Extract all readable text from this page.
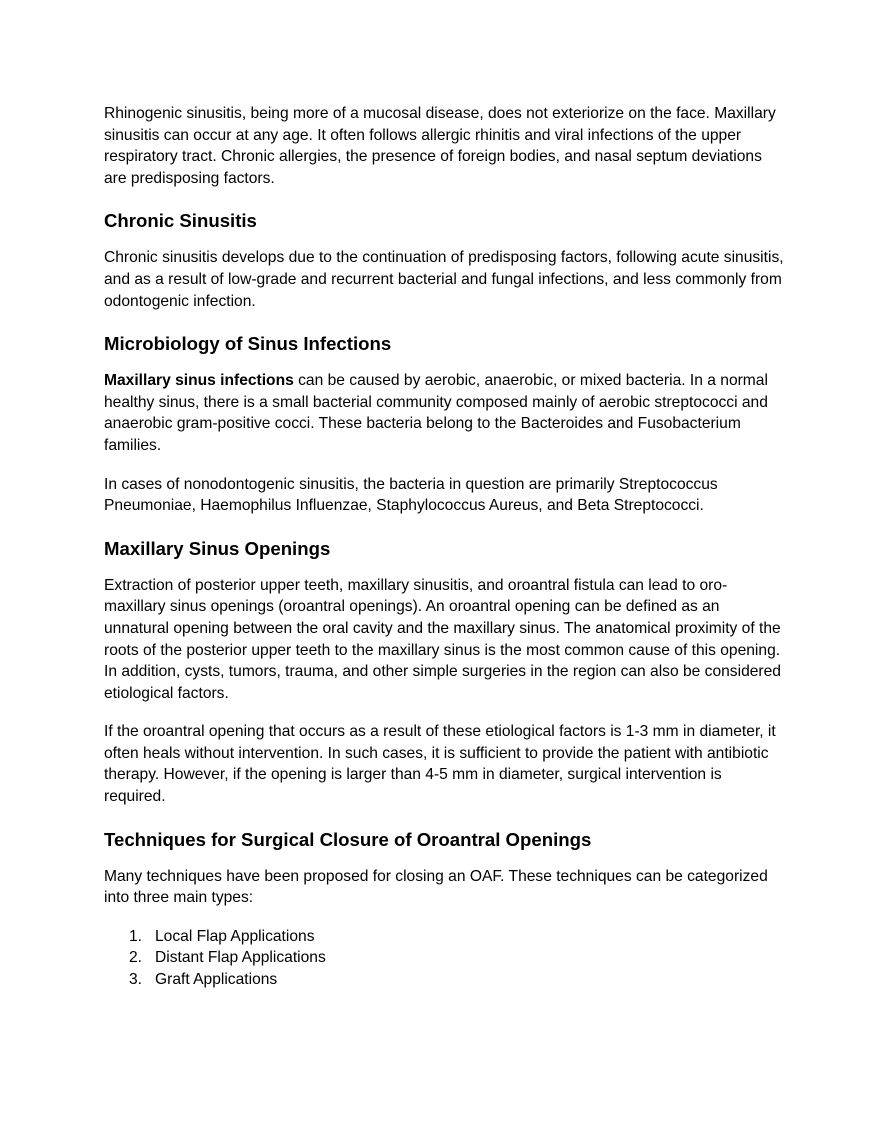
Rhinogenic sinusitis, being more of a mucosal disease, does not exteriorize on the face. Maxillary sinusitis can occur at any age. It often follows allergic rhinitis and viral infections of the upper respiratory tract. Chronic allergies, the presence of foreign bodies, and nasal septum deviations are predisposing factors.

Chronic Sinusitis

Chronic sinusitis develops due to the continuation of predisposing factors, following acute sinusitis, and as a result of low-grade and recurrent bacterial and fungal infections, and less commonly from odontogenic infection.

Microbiology of Sinus Infections

Maxillary sinus infections can be caused by aerobic, anaerobic, or mixed bacteria. In a normal healthy sinus, there is a small bacterial community composed mainly of aerobic streptococci and anaerobic gram-positive cocci. These bacteria belong to the Bacteroides and Fusobacterium families.

In cases of nonodontogenic sinusitis, the bacteria in question are primarily Streptococcus Pneumoniae, Haemophilus Influenzae, Staphylococcus Aureus, and Beta Streptococci.

Maxillary Sinus Openings

Extraction of posterior upper teeth, maxillary sinusitis, and oroantral fistula can lead to oro-maxillary sinus openings (oroantral openings). An oroantral opening can be defined as an unnatural opening between the oral cavity and the maxillary sinus. The anatomical proximity of the roots of the posterior upper teeth to the maxillary sinus is the most common cause of this opening. In addition, cysts, tumors, trauma, and other simple surgeries in the region can also be considered etiological factors.

If the oroantral opening that occurs as a result of these etiological factors is 1-3 mm in diameter, it often heals without intervention. In such cases, it is sufficient to provide the patient with antibiotic therapy. However, if the opening is larger than 4-5 mm in diameter, surgical intervention is required.

Techniques for Surgical Closure of Oroantral Openings

Many techniques have been proposed for closing an OAF. These techniques can be categorized into three main types:

1. Local Flap Applications
2. Distant Flap Applications
3. Graft Applications
